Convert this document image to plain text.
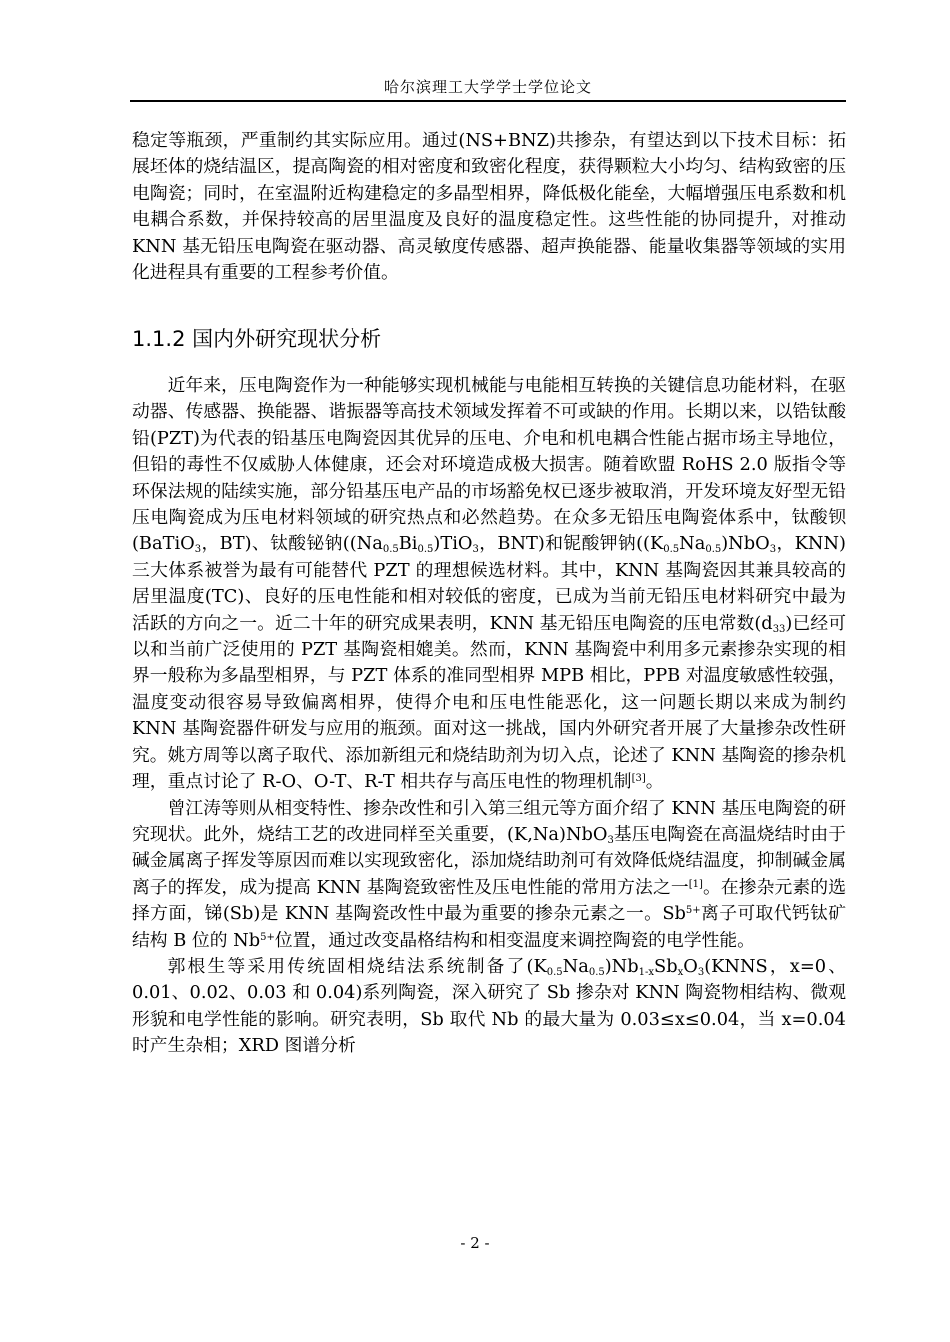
哈尔滨理工大学学士学位论文

稳定等瓶颈，严重制约其实际应用。通过(NS+BNZ)共掺杂，有望达到以下技术目标：拓展坯体的烧结温区，提高陶瓷的相对密度和致密化程度，获得颗粒大小均匀、结构致密的压电陶瓷；同时，在室温附近构建稳定的多晶型相界，降低极化能垒，大幅增强压电系数和机电耦合系数，并保持较高的居里温度及良好的温度稳定性。这些性能的协同提升，对推动 KNN 基无铅压电陶瓷在驱动器、高灵敏度传感器、超声换能器、能量收集器等领域的实用化进程具有重要的工程参考价值。

1.1.2 国内外研究现状分析

近年来，压电陶瓷作为一种能够实现机械能与电能相互转换的关键信息功能材料，在驱动器、传感器、换能器、谐振器等高技术领域发挥着不可或缺的作用。长期以来，以锆钛酸铅(PZT)为代表的铅基压电陶瓷因其优异的压电、介电和机电耦合性能占据市场主导地位，但铅的毒性不仅威胁人体健康，还会对环境造成极大损害。随着欧盟 RoHS 2.0 版指令等环保法规的陆续实施，部分铅基压电产品的市场豁免权已逐步被取消，开发环境友好型无铅压电陶瓷成为压电材料领域的研究热点和必然趋势。在众多无铅压电陶瓷体系中，钛酸钡(BaTiO$_3$，BT)、钛酸铋钠($(Na_{0.5}Bi_{0.5})TiO_3$，BNT)和铌酸钾钠($(K_{0.5}Na_{0.5})NbO_3$，KNN)三大体系被誉为最有可能替代 PZT 的理想候选材料。其中，KNN 基陶瓷因其兼具较高的居里温度(TC)、良好的压电性能和相对较低的密度，已成为当前无铅压电材料研究中最为活跃的方向之一。近二十年的研究成果表明，KNN 基无铅压电陶瓷的压电常数$(d_{33})$已经可以和当前广泛使用的 PZT 基陶瓷相媲美。然而，KNN 基陶瓷中利用多元素掺杂实现的相界一般称为多晶型相界，与 PZT 体系的准同型相界 MPB 相比，PPB 对温度敏感性较强，温度变动很容易导致偏离相界，使得介电和压电性能恶化，这一问题长期以来成为制约 KNN 基陶瓷器件研发与应用的瓶颈。面对这一挑战，国内外研究者开展了大量掺杂改性研究。姚方周等以离子取代、添加新组元和烧结助剂为切入点，论述了 KNN 基陶瓷的掺杂机理，重点讨论了 R-O、O-T、R-T 相共存与高压电性的物理机制[3]。

曾江涛等则从相变特性、掺杂改性和引入第三组元等方面介绍了 KNN 基压电陶瓷的研究现状。此外，烧结工艺的改进同样至关重要，(K,Na)NbO$_3$基压电陶瓷在高温烧结时由于碱金属离子挥发等原因而难以实现致密化，添加烧结助剂可有效降低烧结温度，抑制碱金属离子的挥发，成为提高 KNN 基陶瓷致密性及压电性能的常用方法之一[1]。在掺杂元素的选择方面，锑(Sb)是 KNN 基陶瓷改性中最为重要的掺杂元素之一。$Sb^{5+}$离子可取代钙钛矿结构 B 位的 $Nb^{5+}$位置，通过改变晶格结构和相变温度来调控陶瓷的电学性能。

郭根生等采用传统固相烧结法系统制备了$(K_{0.5}Na_{0.5})Nb_{1-x}Sb_xO_3(KNNS$，x=0、0.01、0.02、0.03 和 0.04)系列陶瓷，深入研究了 Sb 掺杂对 KNN 陶瓷物相结构、微观形貌和电学性能的影响。研究表明，Sb 取代 Nb 的最大量为 0.03≤x≤0.04，当 x=0.04 时产生杂相；XRD 图谱分析

- 2 -
